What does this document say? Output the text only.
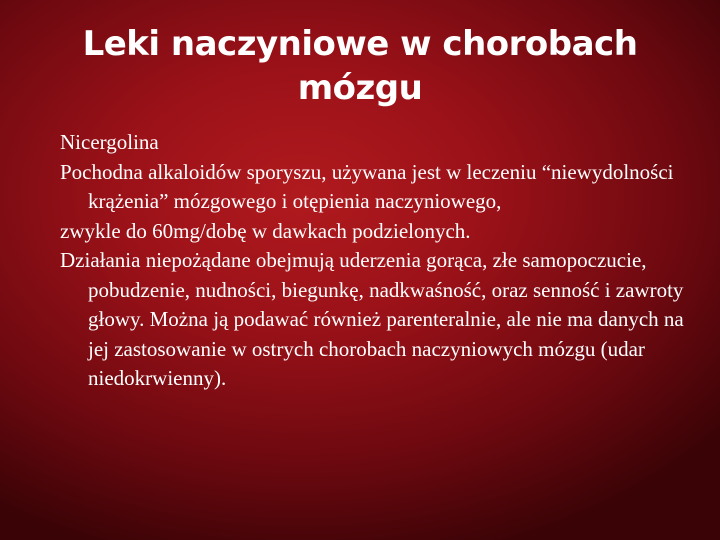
Leki naczyniowe w chorobach
mózgu

Nicergolina

Pochodna alkaloidów sporyszu, używana jest w leczeniu “niewydolności krążenia” mózgowego i otępienia naczyniowego,

zwykle do 60mg/dobę w dawkach podzielonych.

Działania niepożądane obejmują uderzenia gorąca, złe samopoczucie, pobudzenie, nudności, biegunkę, nadkwaśność, oraz senność i zawroty głowy. Można ją podawać również parenteralnie, ale nie ma danych na jej zastosowanie w ostrych chorobach naczyniowych mózgu (udar niedokrwienny).
